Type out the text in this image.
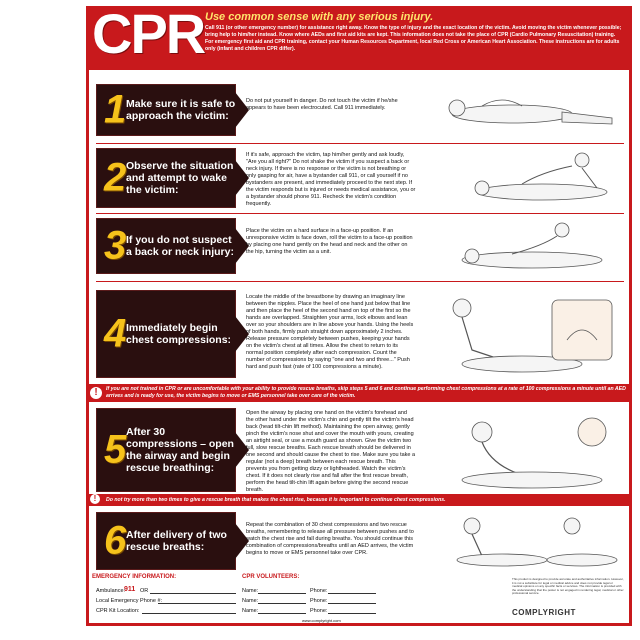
CPR Use common sense with any serious injury.
Call 911 (or other emergency number) for assistance right away. Know the type of injury and the exact location of the victim. Avoid moving the victim whenever possible; bring help to him/her instead. Know where AEDs and first aid kits are kept. This information does not take the place of CPR (Cardio Pulmonary Resuscitation) training. For emergency first aid and CPR training, contact your Human Resources Department, local Red Cross or American Heart Association. These instructions are for adults only (infant and children CPR differ).
1 Make sure it is safe to approach the victim:
Do not put yourself in danger. Do not touch the victim if he/she appears to have been electrocuted. Call 911 immediately.
2 Observe the situation and attempt to wake the victim:
If it's safe, approach the victim, tap him/her gently and ask loudly, "Are you all right?" Do not shake the victim if you suspect a back or neck injury. If there is no response or the victim is not breathing or only gasping for air, have a bystander call 911, or call yourself if no bystanders are present, and immediately proceed to the next step. If the victim responds but is injured or needs medical assistance, you or a bystander should phone 911. Recheck the victim's condition frequently.
3 If you do not suspect a back or neck injury:
Place the victim on a hard surface in a face-up position. If an unresponsive victim is face down, roll the victim to a face-up position by placing one hand gently on the head and neck and the other on the hip, turning the victim as a unit.
4 Immediately begin chest compressions:
Locate the middle of the breastbone by drawing an imaginary line between the nipples. Place the heel of one hand just below that line and then place the heel of the second hand on top of the first so the hands are overlapped. Straighten your arms, lock elbows and lean over so your shoulders are in line above your hands. Using the heels of both hands, firmly push straight down approximately 2 inches. Release pressure completely between pushes, keeping your hands on the victim's chest at all times. Allow the chest to return to its normal position completely after each compression. Count the number of compressions by saying "one and two and three..." Push hard and push fast (rate of 100 compressions a minute).
!	If you are not trained in CPR or are uncomfortable with your ability to provide rescue breaths, skip steps 5 and 6 and continue performing chest compressions at a rate of 100 compressions a minute until an AED arrives and is ready for use, the victim begins to move or EMS personnel take over care of the victim.
5 After 30 compressions – open the airway and begin rescue breathing:
Open the airway by placing one hand on the victim's forehead and the other hand under the victim's chin and gently tilt the victim's head back (head tilt-chin lift method). Maintaining the open airway, gently pinch the victim's nose shut and cover the mouth with yours, creating an airtight seal, or use a mouth guard as shown. Give the victim two full, slow rescue breaths. Each rescue breath should be delivered in one second and should cause the chest to rise. Make sure you take a regular (not a deep) breath between each rescue breath. This prevents you from getting dizzy or lightheaded. Watch the victim's chest. If it does not clearly rise and fall after the first rescue breath, perform the head tilt-chin lift again before giving the second rescue breath.
!	Do not try more than two times to give a rescue breath that makes the chest rise, because it is important to continue chest compressions.
6 After delivery of two rescue breaths:
Repeat the combination of 30 chest compressions and two rescue breaths, remembering to release all pressure between pushes and to watch the chest rise and fall during breaths. You should continue this combination of compressions/breaths until an AED arrives, the victim begins to move or EMS personnel take over CPR.
EMERGENCY INFORMATION:	CPR VOLUNTEERS:
Ambulance:
911 OR
Local Emergency Phone #:
CPR Kit Location:
Name:	Phone:
Name:	Phone:
Name:	Phone:
This product is designed to provide accurate and authoritative information. However, it is not a substitute for legal or medical advice and does not provide legal or medical opinions on any specific facts or services. The information is provided with the understanding that the poster is not engaged in rendering legal, medical or other professional service.
COMPLYRIGHT
www.complyright.com
